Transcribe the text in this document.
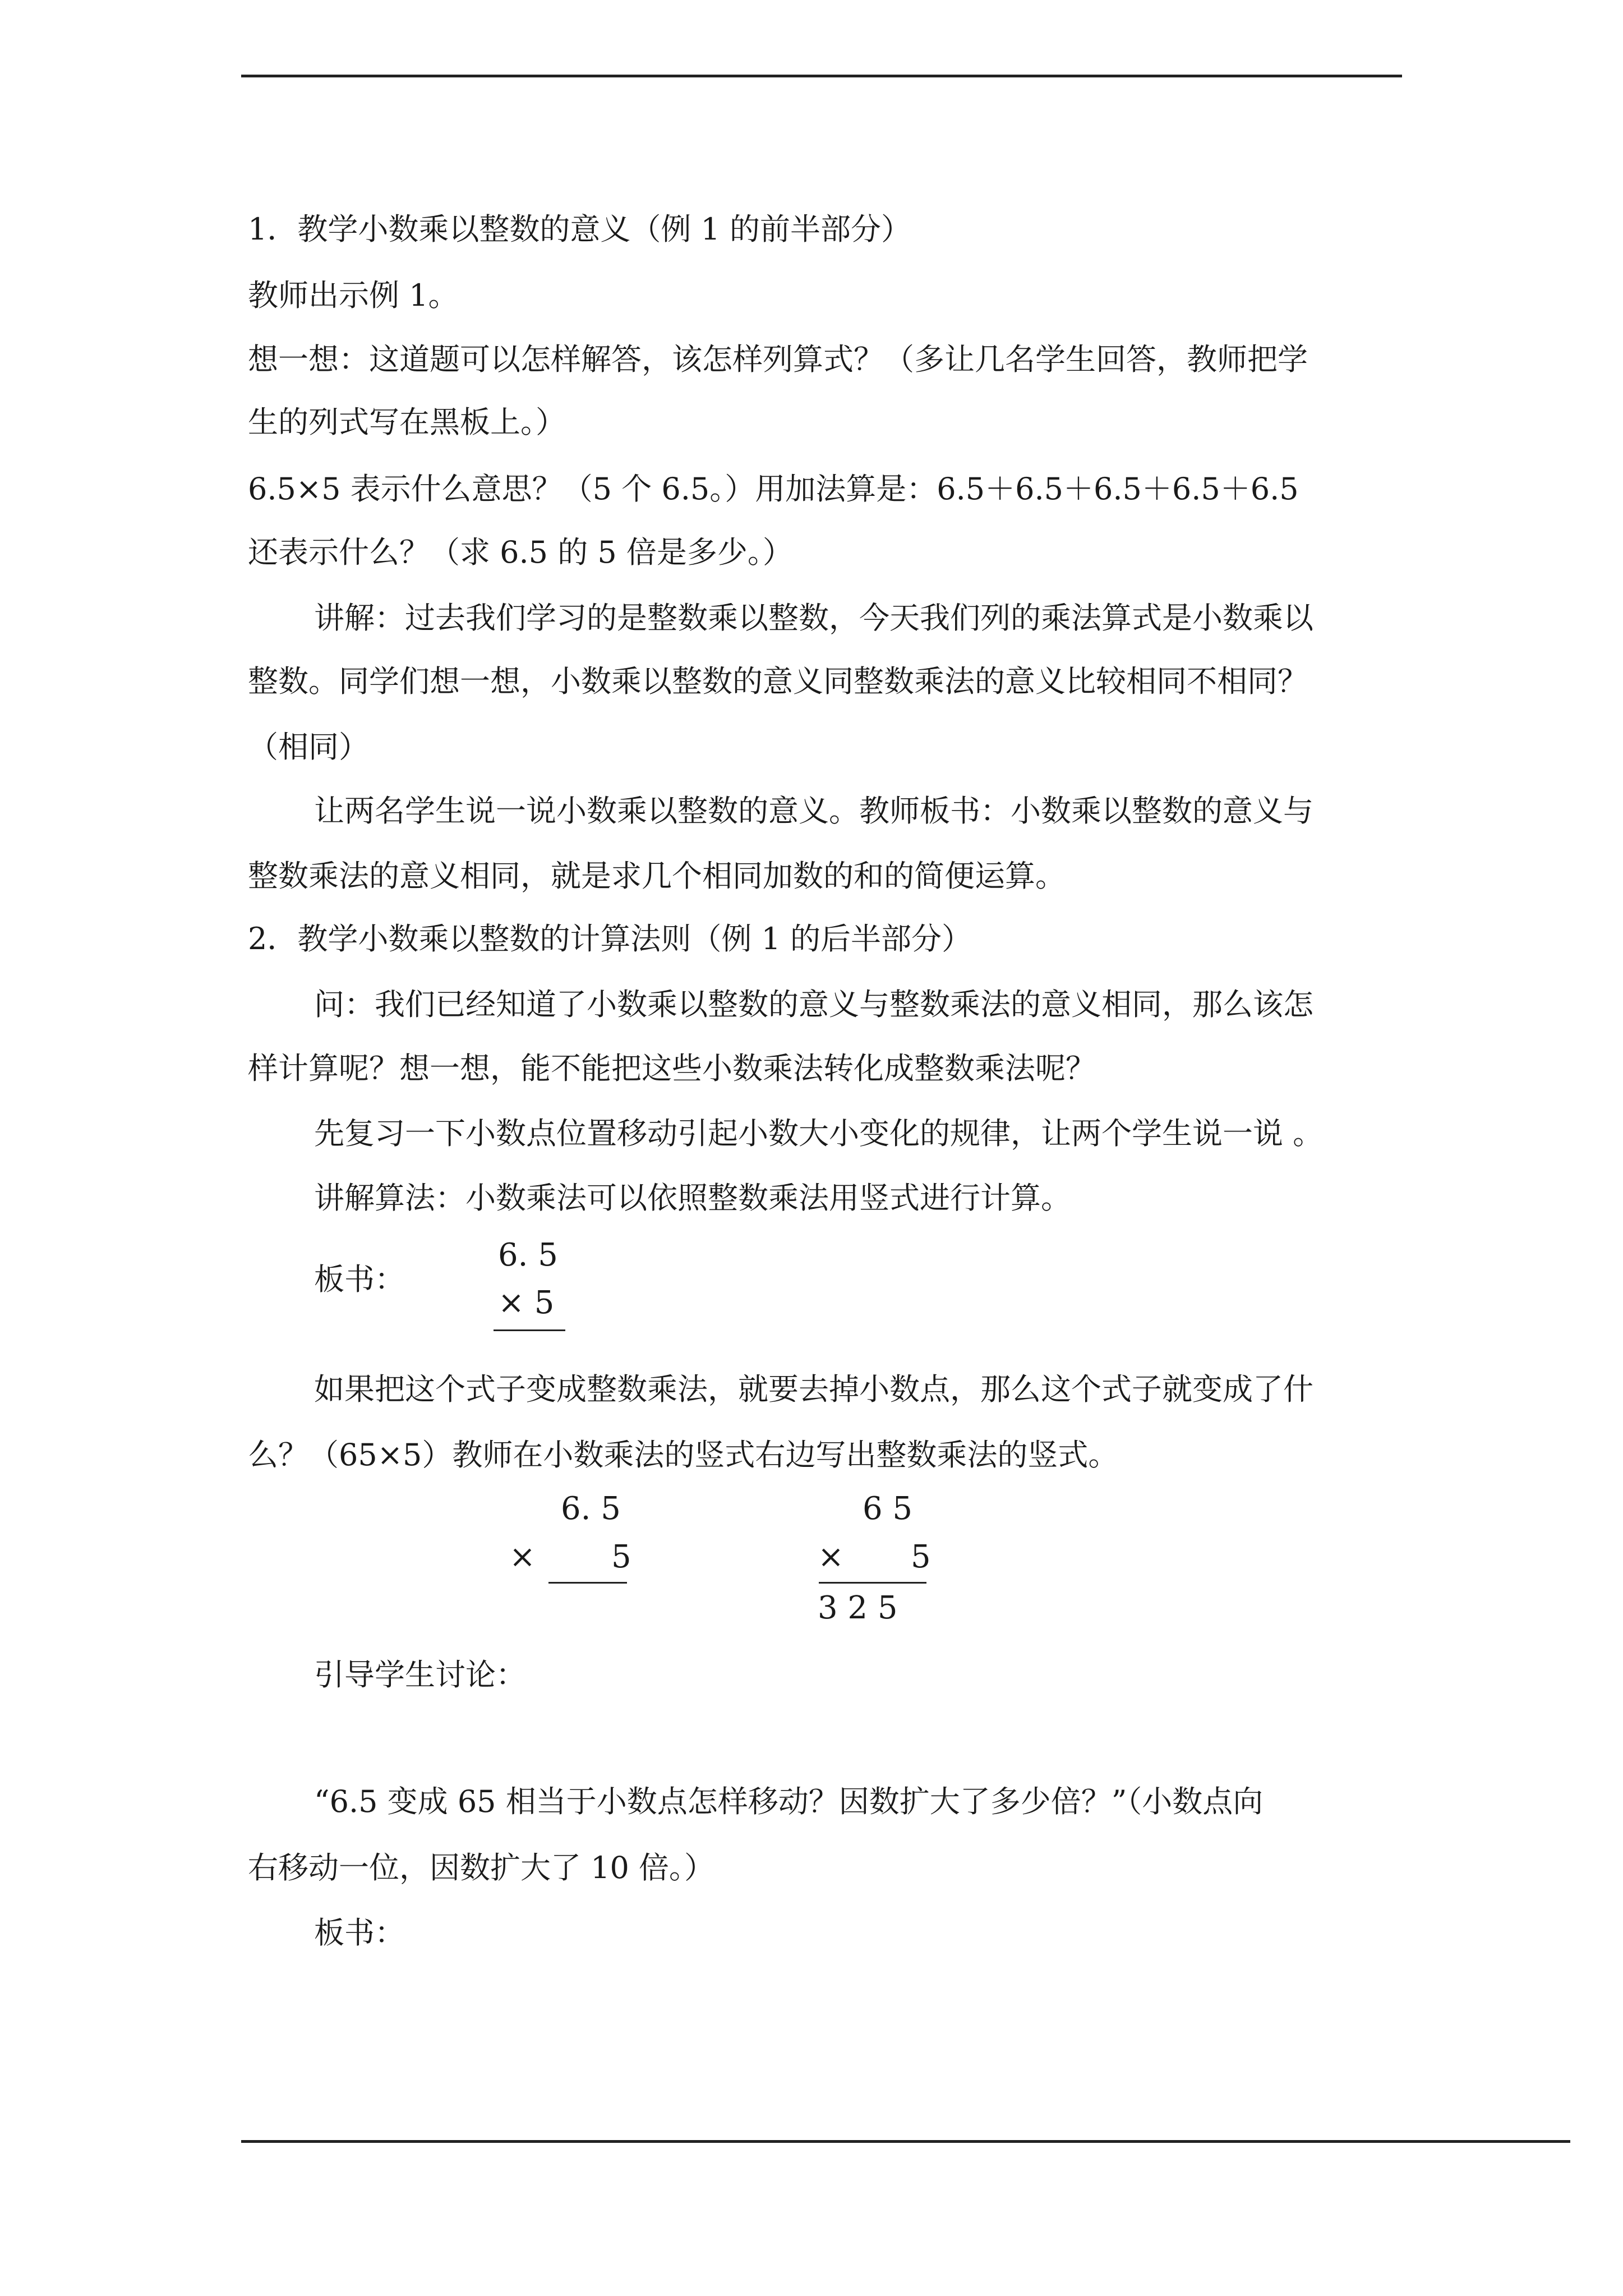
1．教学小数乘以整数的意义（例 1 的前半部分）
教师出示例 1。
想一想：这道题可以怎样解答，该怎样列算式？（多让几名学生回答，教师把学
生的列式写在黑板上。）
6.5×5 表示什么意思？（5 个 6.5。）用加法算是：6.5＋6.5＋6.5＋6.5＋6.5
还表示什么？（求 6.5 的 5 倍是多少。）
讲解：过去我们学习的是整数乘以整数，今天我们列的乘法算式是小数乘以
整数。同学们想一想，小数乘以整数的意义同整数乘法的意义比较相同不相同？
（相同）
让两名学生说一说小数乘以整数的意义。教师板书：小数乘以整数的意义与
整数乘法的意义相同，就是求几个相同加数的和的简便运算。
2．教学小数乘以整数的计算法则（例 1 的后半部分）
问：我们已经知道了小数乘以整数的意义与整数乘法的意义相同，那么该怎
样计算呢？想一想，能不能把这些小数乘法转化成整数乘法呢？
先复习一下小数点位置移动引起小数大小变化的规律，让两个学生说一说 。
讲解算法：小数乘法可以依照整数乘法用竖式进行计算。
板书：
6. 5
× 5
如果把这个式子变成整数乘法，就要去掉小数点，那么这个式子就变成了什
么？（65×5）教师在小数乘法的竖式右边写出整数乘法的竖式。
6. 5
× 5
6 5
× 5
3 2 5
引导学生讨论：
“6.5 变成 65 相当于小数点怎样移动？因数扩大了多少倍？”（小数点向
右移动一位，因数扩大了 10 倍。）
板书：
